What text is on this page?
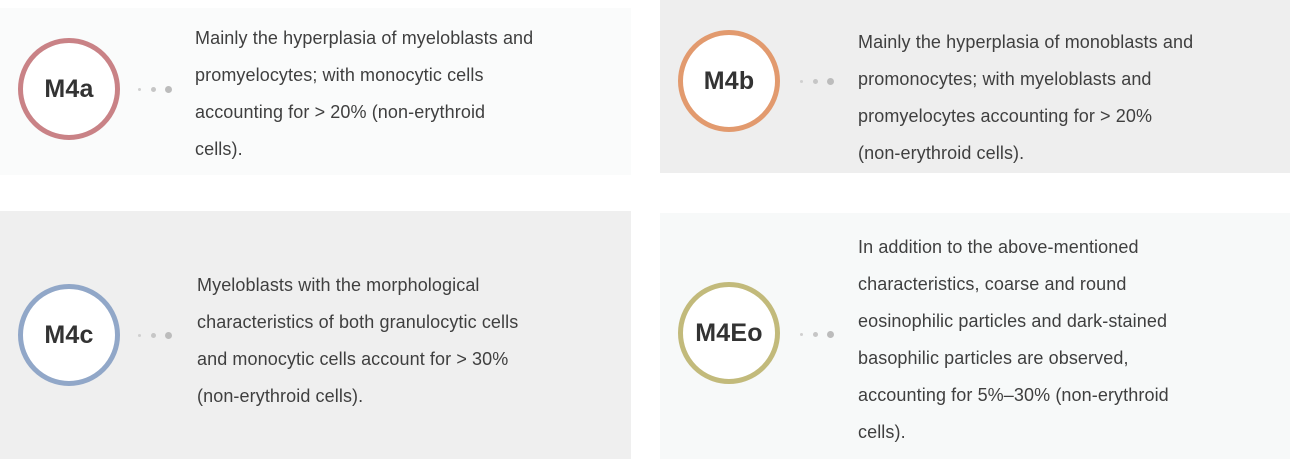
M4a
Mainly the hyperplasia of myeloblasts and
promyelocytes; with monocytic cells
accounting for > 20% (non-erythroid
cells).
M4b
Mainly the hyperplasia of monoblasts and
promonocytes; with myeloblasts and
promyelocytes accounting for > 20%
(non-erythroid cells).
M4c
Myeloblasts with the morphological
characteristics of both granulocytic cells
and monocytic cells account for > 30%
(non-erythroid cells).
M4Eo
In addition to the above-mentioned
characteristics, coarse and round
eosinophilic particles and dark-stained
basophilic particles are observed,
accounting for 5%–30% (non-erythroid
cells).
